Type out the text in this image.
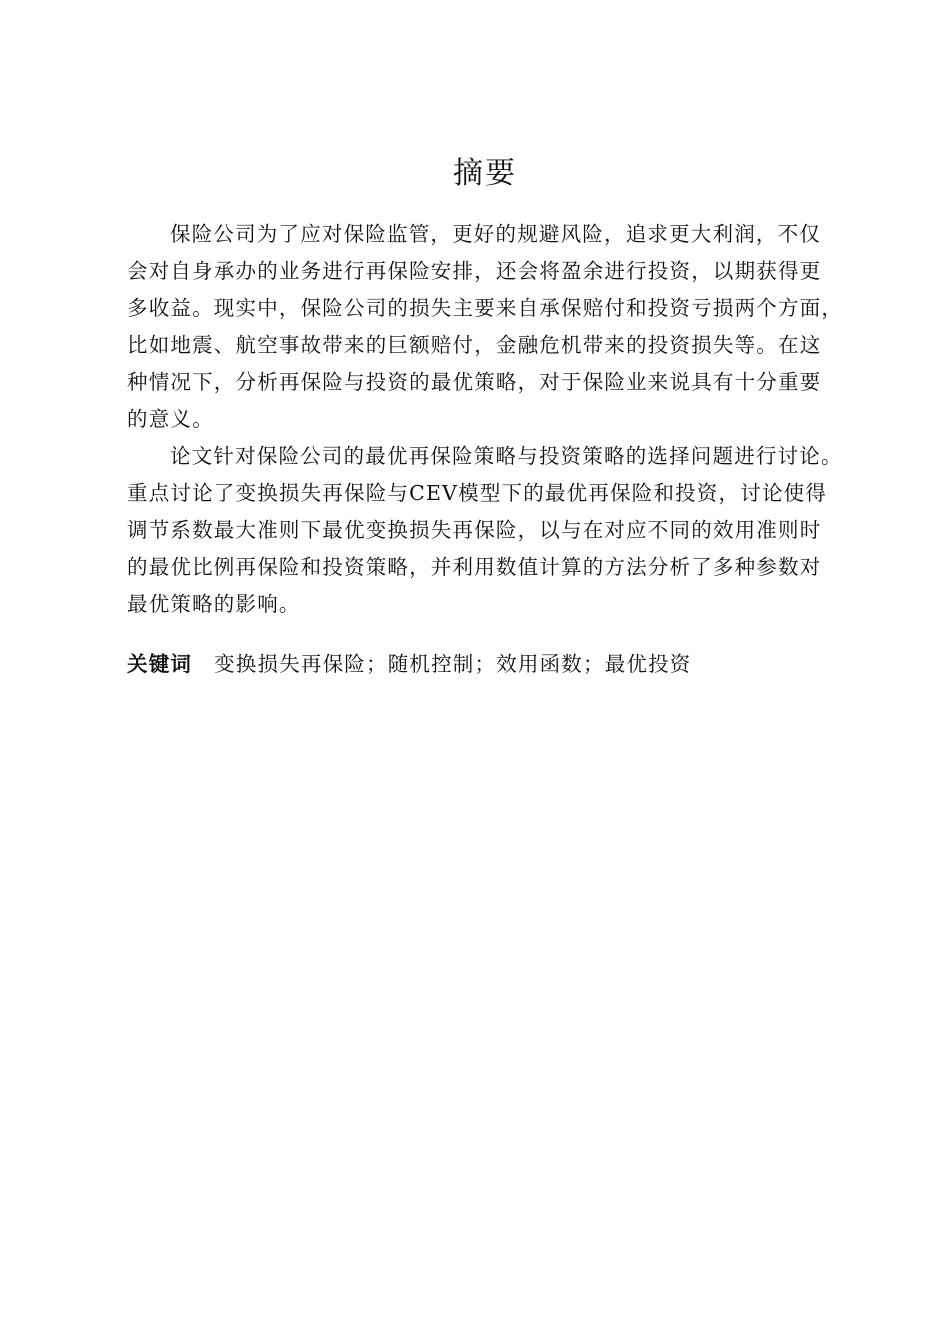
摘要

保险公司为了应对保险监管，更好的规避风险，追求更大利润，不仅

会对自身承办的业务进行再保险安排，还会将盈余进行投资，以期获得更

多收益。现实中，保险公司的损失主要来自承保赔付和投资亏损两个方面，

比如地震、航空事故带来的巨额赔付，金融危机带来的投资损失等。在这

种情况下，分析再保险与投资的最优策略，对于保险业来说具有十分重要

的意义。

论文针对保险公司的最优再保险策略与投资策略的选择问题进行讨论。

重点讨论了变换损失再保险与CEV模型下的最优再保险和投资，讨论使得

调节系数最大准则下最优变换损失再保险，以与在对应不同的效用准则时

的最优比例再保险和投资策略，并利用数值计算的方法分析了多种参数对

最优策略的影响。

关键词 变换损失再保险；随机控制；效用函数；最优投资
